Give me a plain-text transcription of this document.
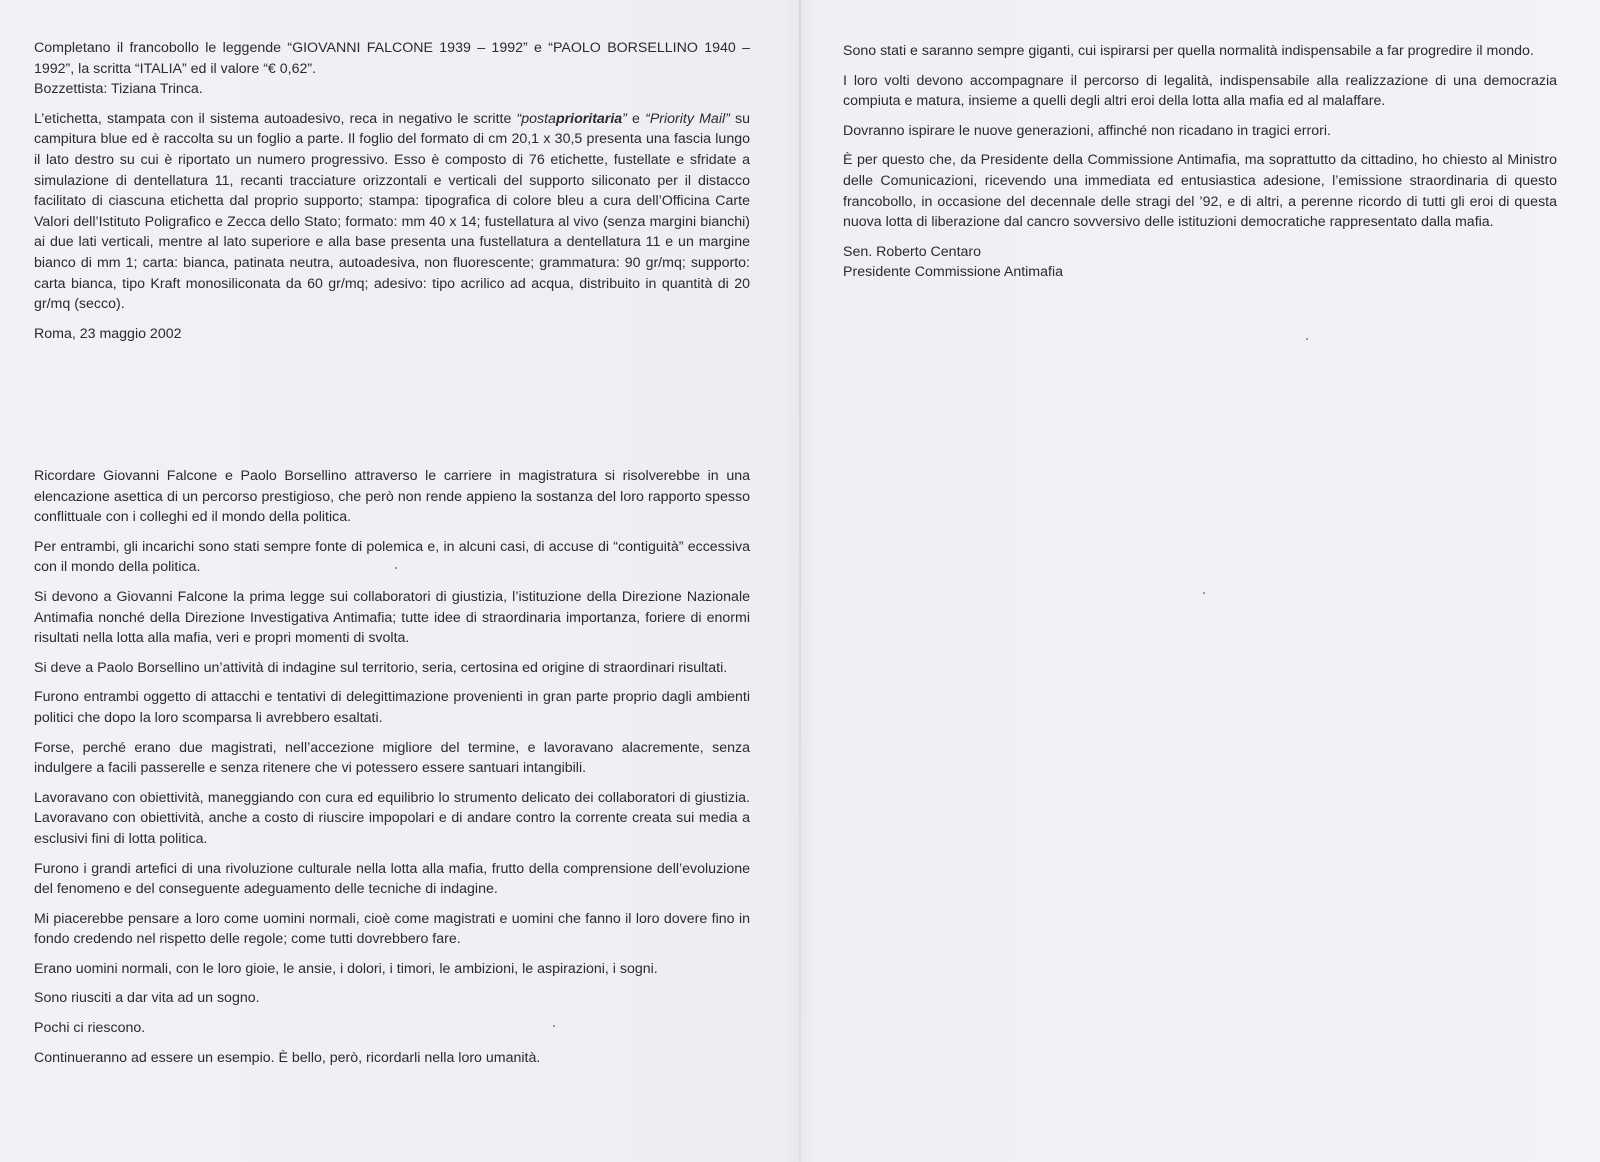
Completano il francobollo le leggende “GIOVANNI FALCONE 1939 – 1992” e “PAOLO BORSELLINO 1940 – 1992”, la scritta “ITALIA” ed il valore “€ 0,62”.

Bozzettista: Tiziana Trinca.

L’etichetta, stampata con il sistema autoadesivo, reca in negativo le scritte “postaprioritaria” e “Priority Mail” su campitura blue ed è raccolta su un foglio a parte. Il foglio del formato di cm 20,1 x 30,5 presenta una fascia lungo il lato destro su cui è riportato un numero progressivo. Esso è composto di 76 etichette, fustellate e sfridate a simulazione di dentellatura 11, recanti tracciature orizzontali e verticali del supporto siliconato per il distacco facilitato di ciascuna etichetta dal proprio supporto; stampa: tipografica di colore bleu a cura dell’Officina Carte Valori dell’Istituto Poligrafico e Zecca dello Stato; formato: mm 40 x 14; fustellatura al vivo (senza margini bianchi) ai due lati verticali, mentre al lato superiore e alla base presenta una fustellatura a dentellatura 11 e un margine bianco di mm 1; carta: bianca, patinata neutra, autoadesiva, non fluorescente; grammatura: 90 gr/mq; supporto: carta bianca, tipo Kraft monosiliconata da 60 gr/mq; adesivo: tipo acrilico ad acqua, distribuito in quantità di 20 gr/mq (secco).

Roma, 23 maggio 2002

Ricordare Giovanni Falcone e Paolo Borsellino attraverso le carriere in magistratura si risolverebbe in una elencazione asettica di un percorso prestigioso, che però non rende appieno la sostanza del loro rapporto spesso conflittuale con i colleghi ed il mondo della politica.

Per entrambi, gli incarichi sono stati sempre fonte di polemica e, in alcuni casi, di accuse di “contiguità” eccessiva con il mondo della politica.

Si devono a Giovanni Falcone la prima legge sui collaboratori di giustizia, l’istituzione della Direzione Nazionale Antimafia nonché della Direzione Investigativa Antimafia; tutte idee di straordinaria importanza, foriere di enormi risultati nella lotta alla mafia, veri e propri momenti di svolta.

Si deve a Paolo Borsellino un’attività di indagine sul territorio, seria, certosina ed origine di straordinari risultati.

Furono entrambi oggetto di attacchi e tentativi di delegittimazione provenienti in gran parte proprio dagli ambienti politici che dopo la loro scomparsa li avrebbero esaltati.

Forse, perché erano due magistrati, nell’accezione migliore del termine, e lavoravano alacremente, senza indulgere a facili passerelle e senza ritenere che vi potessero essere santuari intangibili.

Lavoravano con obiettività, maneggiando con cura ed equilibrio lo strumento delicato dei collaboratori di giustizia. Lavoravano con obiettività, anche a costo di riuscire impopolari e di andare contro la corrente creata sui media a esclusivi fini di lotta politica.

Furono i grandi artefici di una rivoluzione culturale nella lotta alla mafia, frutto della comprensione dell’evoluzione del fenomeno e del conseguente adeguamento delle tecniche di indagine.

Mi piacerebbe pensare a loro come uomini normali, cioè come magistrati e uomini che fanno il loro dovere fino in fondo credendo nel rispetto delle regole; come tutti dovrebbero fare.

Erano uomini normali, con le loro gioie, le ansie, i dolori, i timori, le ambizioni, le aspirazioni, i sogni.

Sono riusciti a dar vita ad un sogno.

Pochi ci riescono.

Continueranno ad essere un esempio. È bello, però, ricordarli nella loro umanità.

Sono stati e saranno sempre giganti, cui ispirarsi per quella normalità indispensabile a far progredire il mondo.

I loro volti devono accompagnare il percorso di legalità, indispensabile alla realizzazione di una democrazia compiuta e matura, insieme a quelli degli altri eroi della lotta alla mafia ed al malaffare.

Dovranno ispirare le nuove generazioni, affinché non ricadano in tragici errori.

È per questo che, da Presidente della Commissione Antimafia, ma soprattutto da cittadino, ho chiesto al Ministro delle Comunicazioni, ricevendo una immediata ed entusiastica adesione, l’emissione straordinaria di questo francobollo, in occasione del decennale delle stragi del ’92, e di altri, a perenne ricordo di tutti gli eroi di questa nuova lotta di liberazione dal cancro sovversivo delle istituzioni democratiche rappresentato dalla mafia.

Sen. Roberto Centaro

Presidente Commissione Antimafia
